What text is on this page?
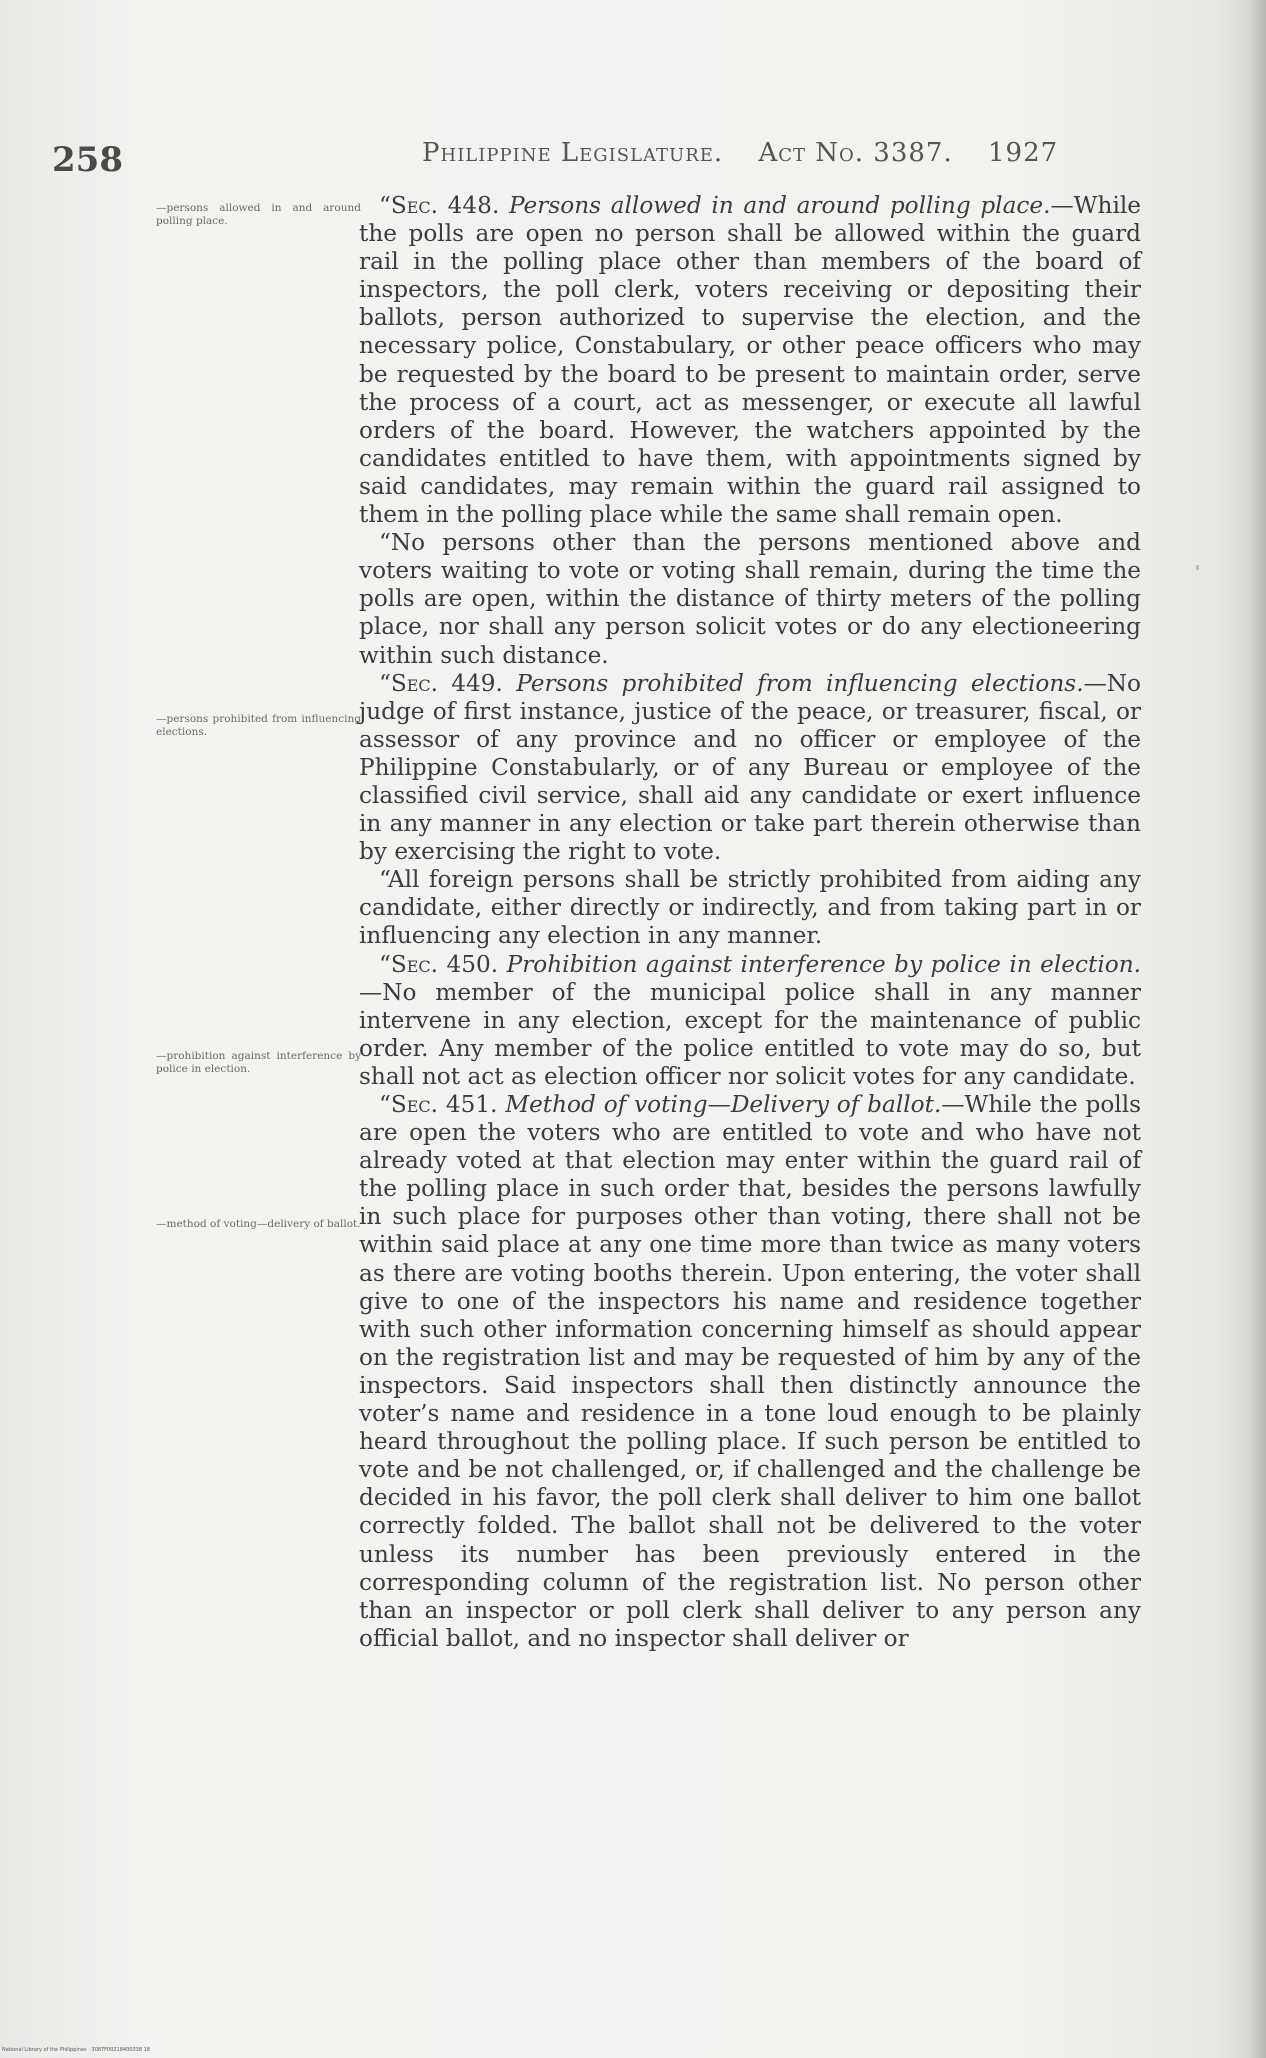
258	Philippine Legislature. Act No. 3387. 1927
—persons allowed in and around polling place.
—persons prohibited from influencing elections.
—prohibition against interference by police in election.
—method of voting—delivery of ballot.

“Sec. 448. Persons allowed in and around polling place.—While the polls are open no person shall be allowed within the guard rail in the polling place other than members of the board of inspectors, the poll clerk, voters receiving or depositing their ballots, person authorized to supervise the election, and the necessary police, Constabulary, or other peace officers who may be requested by the board to be present to maintain order, serve the process of a court, act as messenger, or execute all lawful orders of the board. However, the watchers appointed by the candidates entitled to have them, with appointments signed by said candidates, may remain within the guard rail assigned to them in the polling place while the same shall remain open.

“No persons other than the persons mentioned above and voters waiting to vote or voting shall remain, during the time the polls are open, within the distance of thirty meters of the polling place, nor shall any person solicit votes or do any electioneering within such distance.

“Sec. 449. Persons prohibited from influencing elections.—No judge of first instance, justice of the peace, or treasurer, fiscal, or assessor of any province and no officer or employee of the Philippine Constabularly, or of any Bureau or employee of the classified civil service, shall aid any candidate or exert influence in any manner in any election or take part therein otherwise than by exercising the right to vote.

“All foreign persons shall be strictly prohibited from aiding any candidate, either directly or indirectly, and from taking part in or influencing any election in any manner.

“Sec. 450. Prohibition against interference by police in election.—No member of the municipal police shall in any manner intervene in any election, except for the maintenance of public order. Any member of the police entitled to vote may do so, but shall not act as election officer nor solicit votes for any candidate.

“Sec. 451. Method of voting—Delivery of ballot.—While the polls are open the voters who are entitled to vote and who have not already voted at that election may enter within the guard rail of the polling place in such order that, besides the persons lawfully in such place for purposes other than voting, there shall not be within said place at any one time more than twice as many voters as there are voting booths therein. Upon entering, the voter shall give to one of the inspectors his name and residence together with such other information concerning himself as should appear on the registration list and may be requested of him by any of the inspectors. Said inspectors shall then distinctly announce the voter’s name and residence in a tone loud enough to be plainly heard throughout the polling place. If such person be entitled to vote and be not challenged, or, if challenged and the challenge be decided in his favor, the poll clerk shall deliver to him one ballot correctly folded. The ballot shall not be delivered to the voter unless its number has been previously entered in the corresponding column of the registration list. No person other than an inspector or poll clerk shall deliver to any person any official ballot, and no inspector shall deliver or

National Library of the Philippines · 3087F00218400338 18
